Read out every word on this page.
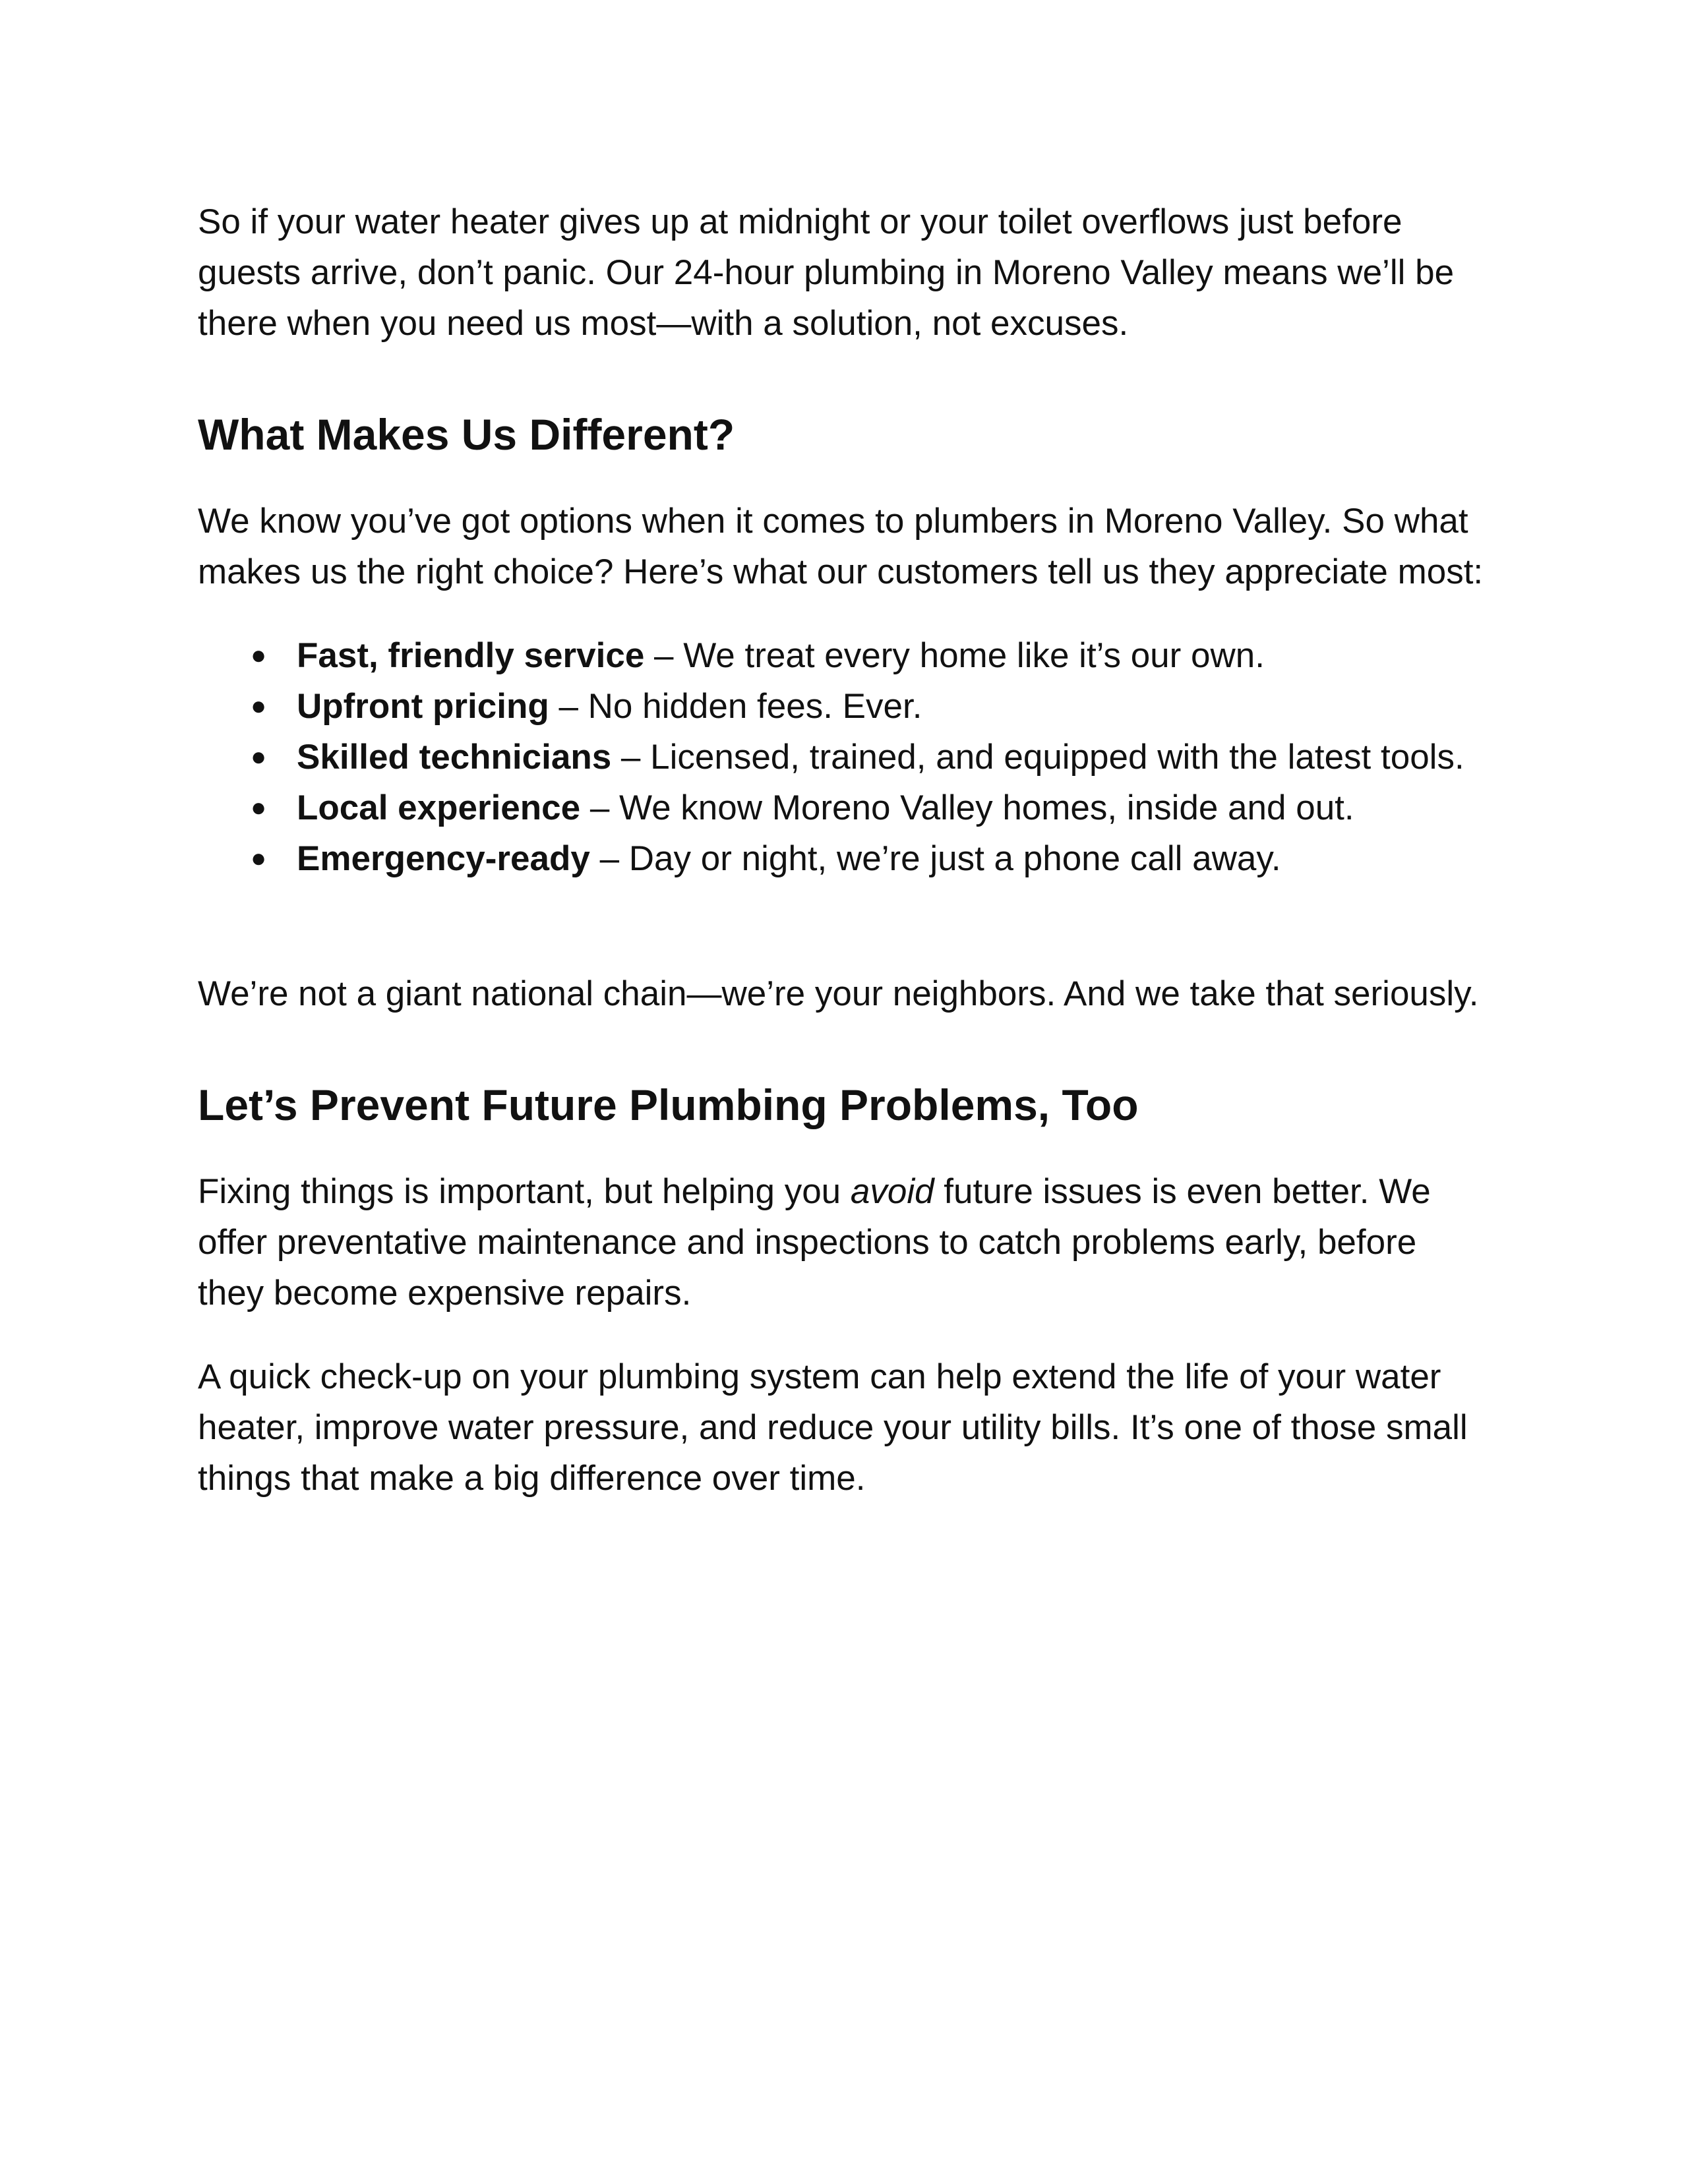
So if your water heater gives up at midnight or your toilet overflows just before guests arrive, don’t panic. Our 24-hour plumbing in Moreno Valley means we’ll be there when you need us most—with a solution, not excuses.

What Makes Us Different?

We know you’ve got options when it comes to plumbers in Moreno Valley. So what makes us the right choice? Here’s what our customers tell us they appreciate most:

● Fast, friendly service – We treat every home like it’s our own.
● Upfront pricing – No hidden fees. Ever.
● Skilled technicians – Licensed, trained, and equipped with the latest tools.
● Local experience – We know Moreno Valley homes, inside and out.
● Emergency-ready – Day or night, we’re just a phone call away.

We’re not a giant national chain—we’re your neighbors. And we take that seriously.

Let’s Prevent Future Plumbing Problems, Too

Fixing things is important, but helping you avoid future issues is even better. We offer preventative maintenance and inspections to catch problems early, before they become expensive repairs.

A quick check-up on your plumbing system can help extend the life of your water heater, improve water pressure, and reduce your utility bills. It’s one of those small things that make a big difference over time.
